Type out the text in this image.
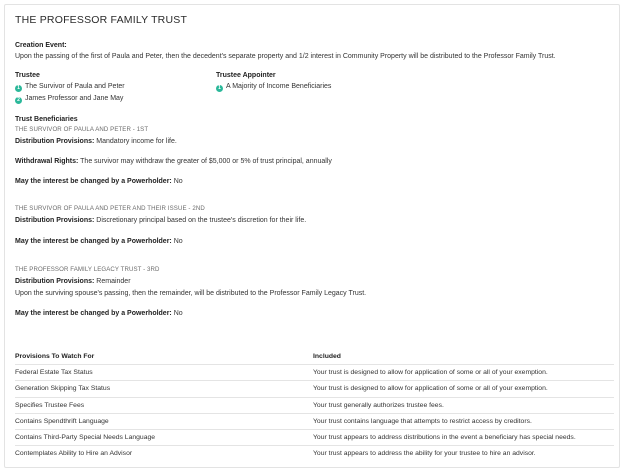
THE PROFESSOR FAMILY TRUST
Creation Event:
Upon the passing of the first of Paula and Peter, then the decedent's separate property and 1/2 interest in Community Property will be distributed to the Professor Family Trust.
Trustee
1 The Survivor of Paula and Peter
2 James Professor and Jane May
Trustee Appointer
1 A Majority of Income Beneficiaries
Trust Beneficiaries
THE SURVIVOR OF PAULA AND PETER - 1ST
Distribution Provisions: Mandatory income for life.
Withdrawal Rights: The survivor may withdraw the greater of $5,000 or 5% of trust principal, annually
May the interest be changed by a Powerholder: No
THE SURVIVOR OF PAULA AND PETER AND THEIR ISSUE - 2ND
Distribution Provisions: Discretionary principal based on the trustee's discretion for their life.
May the interest be changed by a Powerholder: No
THE PROFESSOR FAMILY LEGACY TRUST - 3RD
Distribution Provisions: Remainder
Upon the surviving spouse's passing, then the remainder, will be distributed to the Professor Family Legacy Trust.
May the interest be changed by a Powerholder: No
Provisions To Watch For	Included
Federal Estate Tax Status	Your trust is designed to allow for application of some or all of your exemption.
Generation Skipping Tax Status	Your trust is designed to allow for application of some or all of your exemption.
Specifies Trustee Fees	Your trust generally authorizes trustee fees.
Contains Spendthrift Language	Your trust contains language that attempts to restrict access by creditors.
Contains Third-Party Special Needs Language	Your trust appears to address distributions in the event a beneficiary has special needs.
Contemplates Ability to Hire an Advisor	Your trust appears to address the ability for your trustee to hire an advisor.
